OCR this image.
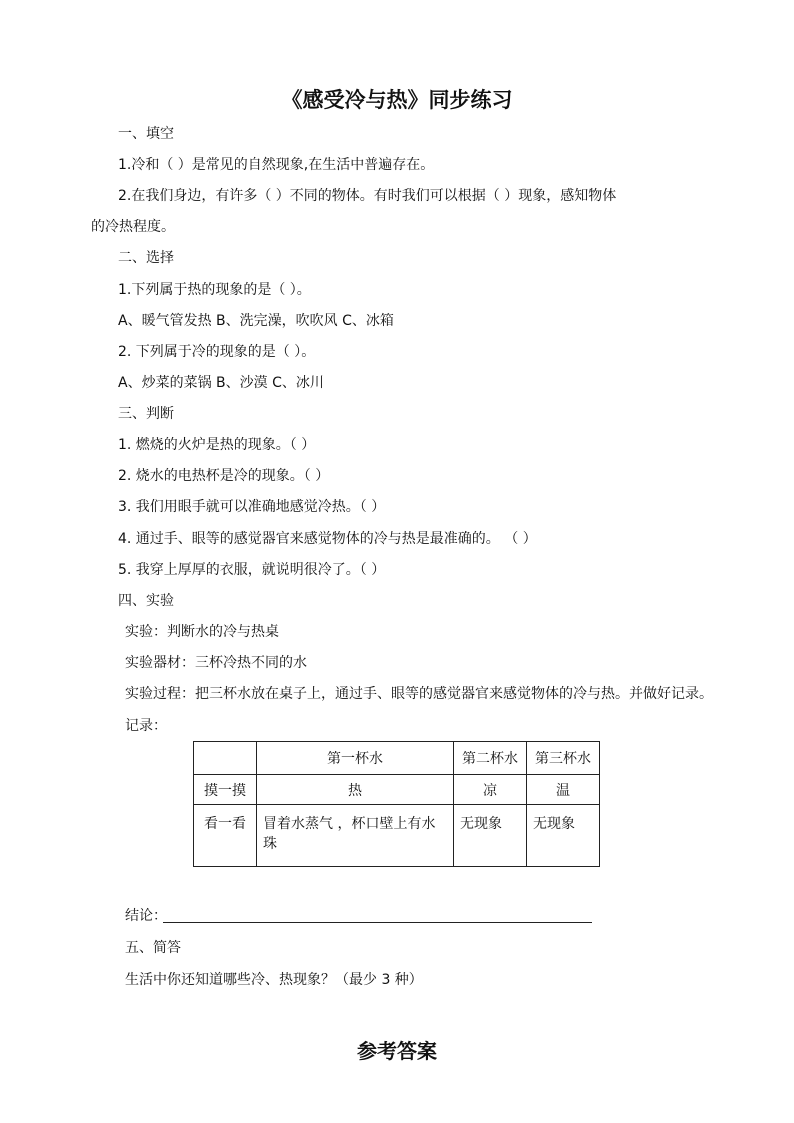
《感受冷与热》同步练习
一、填空
1.冷和（ ）是常见的自然现象,在生活中普遍存在。
2.在我们身边，有许多（ ）不同的物体。有时我们可以根据（ ）现象，感知物体
的冷热程度。
二、选择
1.下列属于热的现象的是（ ）。
A、暖气管发热 B、洗完澡，吹吹风 C、冰箱
2. 下列属于冷的现象的是（ ）。
A、炒菜的菜锅 B、沙漠 C、冰川
三、判断
1. 燃烧的火炉是热的现象。（ ）
2. 烧水的电热杯是冷的现象。（ ）
3. 我们用眼手就可以准确地感觉冷热。（ ）
4. 通过手、眼等的感觉器官来感觉物体的冷与热是最准确的。 （ ）
5. 我穿上厚厚的衣服，就说明很冷了。（ ）
四、实验
实验：判断水的冷与热桌
实验器材：三杯冷热不同的水
实验过程：把三杯水放在桌子上，通过手、眼等的感觉器官来感觉物体的冷与热。并做好记录。
记录：
	第一杯水	第二杯水	第三杯水
摸一摸	热	凉	温
看一看	冒着水蒸气 ，杯口壁上有水珠	无现象	无现象
结论：
五、简答
生活中你还知道哪些冷、热现象？（最少 3 种）
参考答案
